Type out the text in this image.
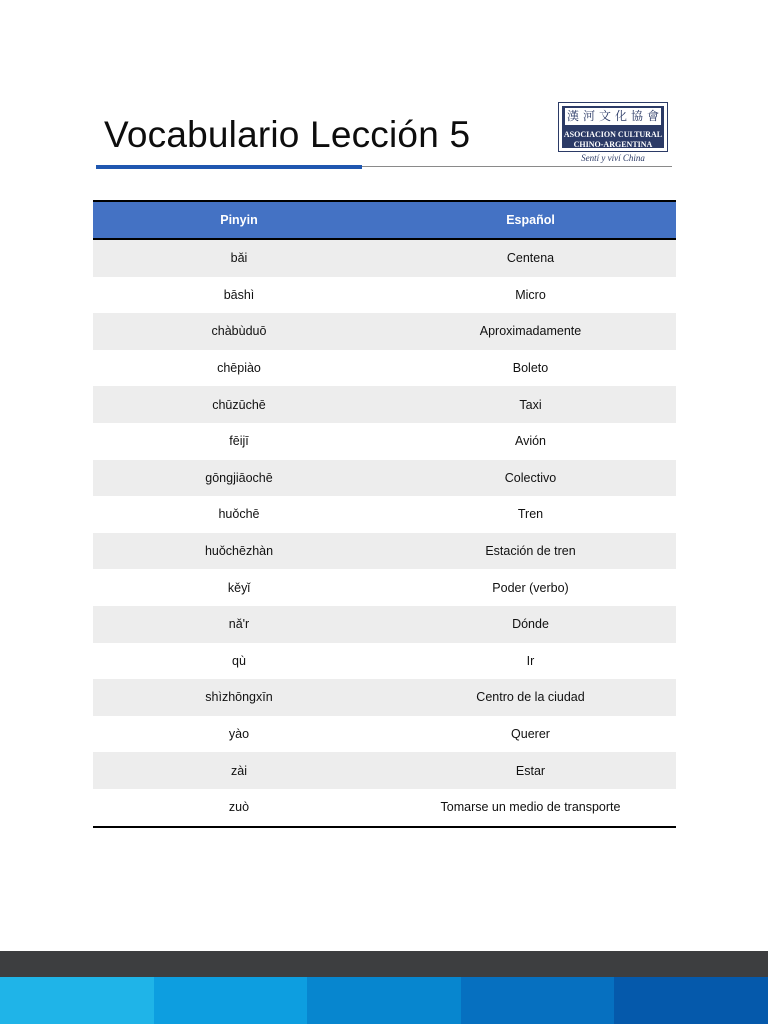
Vocabulario Lección 5	漢 河 文 化 協 會
ASOCIACION CULTURAL
CHINO-ARGENTINA
Sentí y viví China
Pinyin	Español
bǎi	Centena
bāshì	Micro
chàbùduō	Aproximadamente
chēpiào	Boleto
chūzūchē	Taxi
fēijī	Avión
gōngjiāochē	Colectivo
huǒchē	Tren
huǒchēzhàn	Estación de tren
kěyǐ	Poder (verbo)
nǎ'r	Dónde
qù	Ir
shìzhōngxīn	Centro de la ciudad
yào	Querer
zài	Estar
zuò	Tomarse un medio de transporte
